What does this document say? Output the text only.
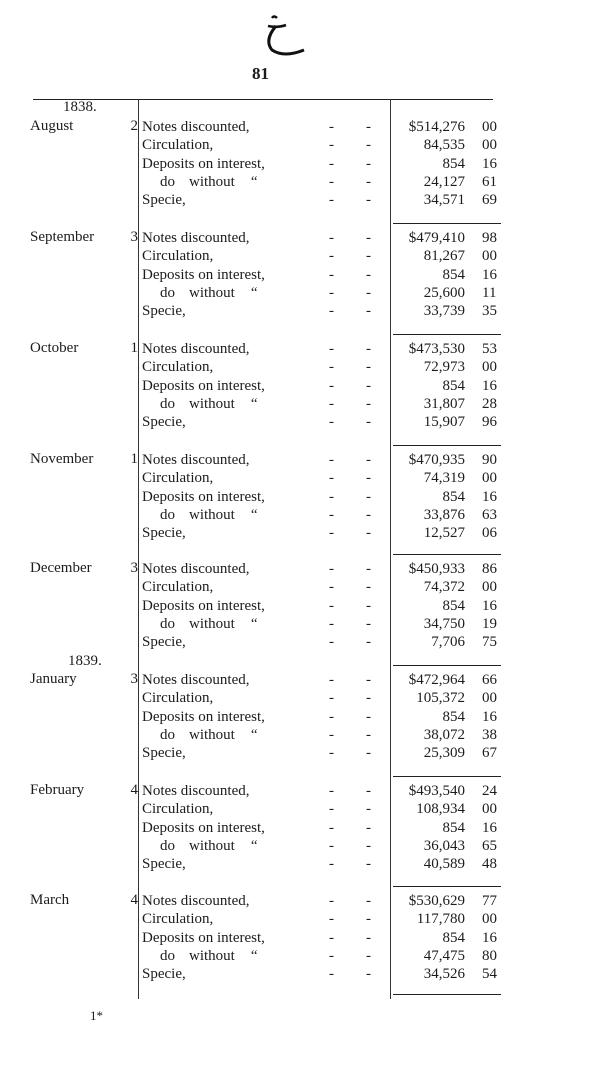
81
1838.
1839.
August	2 Notes discounted,	- -	$514,276 00
Circulation,	- -	84,535 00
Deposits on interest,	- -	854 16
do without “	- -	24,127 61
Specie,	- -	34,571 69
September 3 Notes discounted,	- -	$479,410 98
Circulation,	- -	81,267 00
Deposits on interest,	- -	854 16
do without “	- -	25,600 11
Specie,	- -	33,739 35
October	1 Notes discounted,	- -	$473,530 53
Circulation,	- -	72,973 00
Deposits on interest,	- -	854 16
do without “	- -	31,807 28
Specie,	- -	15,907 96
November 1 Notes discounted,	- -	$470,935 90
Circulation,	- -	74,319 00
Deposits on interest,	- -	854 16
do without “	- -	33,876 63
Specie,	- -	12,527 06
December	3 Notes discounted,	- -	$450,933 86
Circulation,	- -	74,372 00
Deposits on interest,	- -	854 16
do without “	- -	34,750 19
Specie,	- -	7,706 75
January	3 Notes discounted,	- -	$472,964 66
Circulation,	- -	105,372 00
Deposits on interest,	- -	854 16
do without “	- -	38,072 38
Specie,	- -	25,309 67
February	4 Notes discounted,	- -	$493,540 24
Circulation,	- -	108,934 00
Deposits on interest,	- -	854 16
do without “	- -	36,043 65
Specie,	- -	40,589 48
March	4 Notes discounted,	- -	$530,629 77
Circulation,	- -	117,780 00
Deposits on interest,	- -	854 16
do without “	- -	47,475 80
Specie,	- -	34,526 54
1*
